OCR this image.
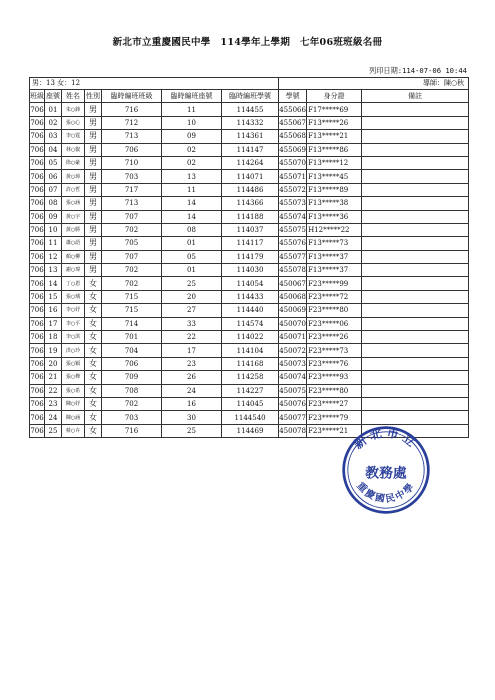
新北市立重慶國民中學　114學年上學期　七年06班班級名冊
列印日期:114-07-06 10:44
男：13 女：12							導師：陳○秋		
班級	座號	姓名	性別	臨時編班班級	臨時編班座號	臨時編班學號	學號	身分證	備註
706	01	朱○鋒	男	716	11	114455	455066	F17*****69	
706	02	張○心	男	712	10	114332	455067	F13*****26	
706	03	李○霆	男	713	09	114361	455068	F13*****21	
706	04	林○叡	男	706	02	114147	455069	F13*****86	
706	05	徐○豪	男	710	02	114264	455070	F13*****12	
706	06	黃○璋	男	703	13	114071	455071	F13*****45	
706	07	許○哲	男	717	11	114486	455072	F13*****89	
706	08	張○涵	男	713	14	114366	455073	F13*****38	
706	09	黃○宇	男	707	14	114188	455074	F13*****36	
706	10	黃○勝	男	702	08	114037	455075	H12*****22	
706	11	蕭○語	男	705	01	114117	455076	F13*****73	
706	12	顏○柳	男	707	05	114179	455077	F13*****37	
706	13	謝○瑋	男	702	01	114030	455078	F13*****37	
706	14	丁○恩	女	702	25	114054	450067	F23*****99	
706	15	張○瑀	女	715	20	114433	450068	F23*****72	
706	16	李○妤	女	715	27	114440	450069	F23*****80	
706	17	李○平	女	714	33	114574	450070	F23*****06	
706	18	李○淇	女	701	22	114022	450071	F23*****26	
706	19	洪○玲	女	704	17	114104	450072	F23*****73	
706	20	張○穎	女	706	23	114168	450073	F23*****76	
706	21	張○樺	女	709	26	114258	450074	F23*****93	
706	22	張○希	女	708	24	114227	450075	F23*****80	
706	23	陳○妤	女	702	16	114045	450076	F23*****27	
706	24	陳○涵	女	703	30	1144540	450077	F23*****79	
706	25	蔡○卉	女	716	25	114469	450078	F23*****21	
新北市立
教務處
重慶國民中學
